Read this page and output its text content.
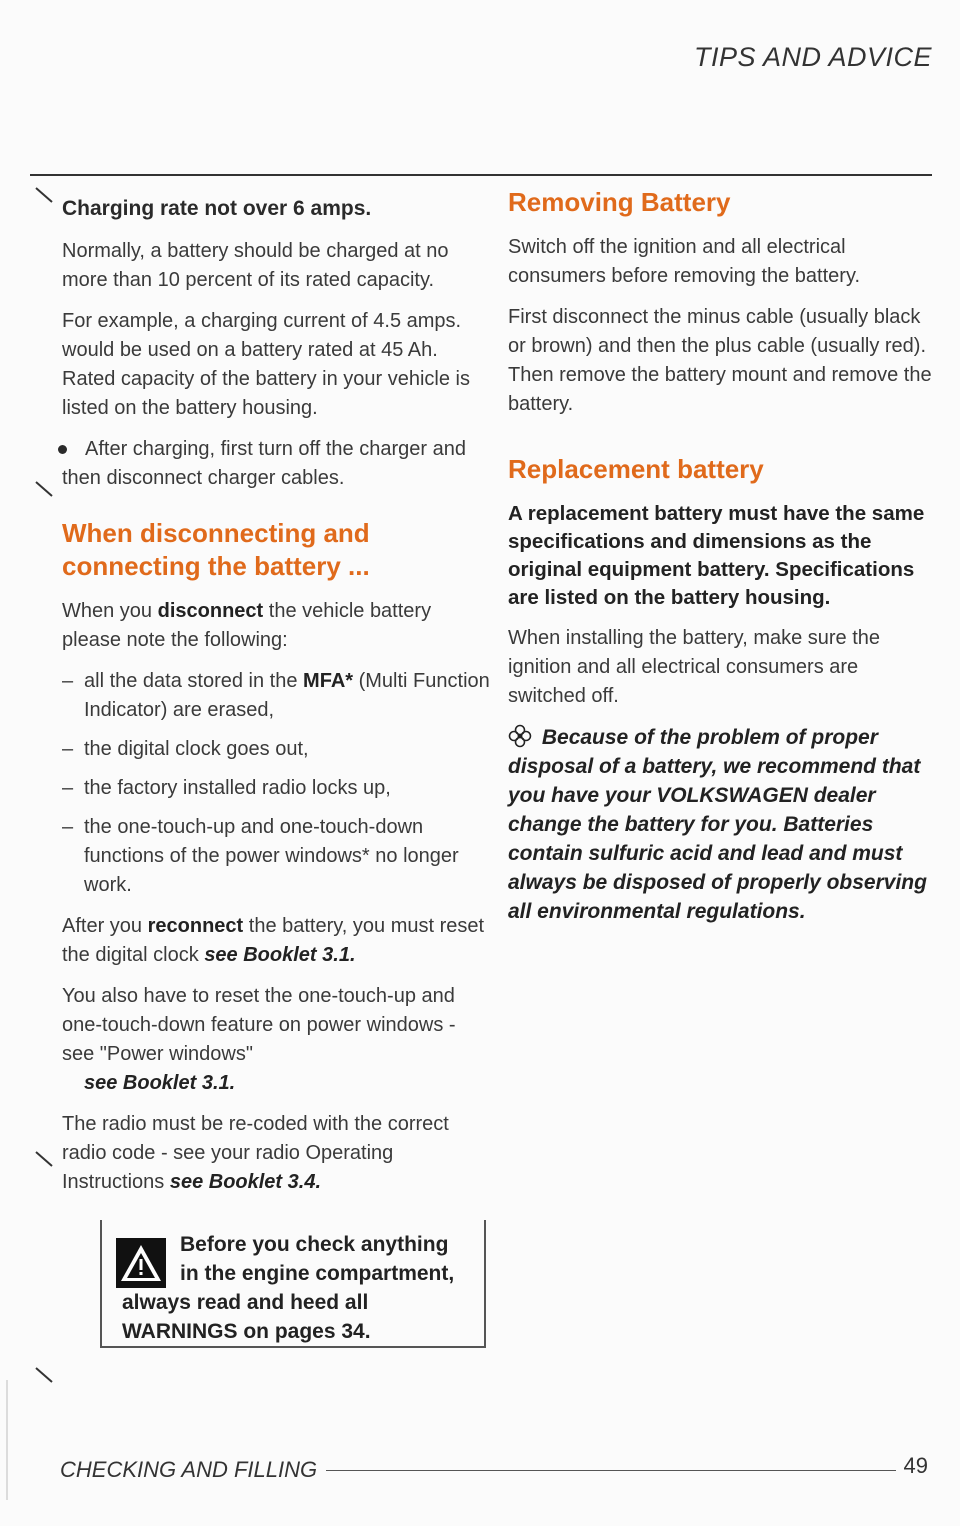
TIPS AND ADVICE
Charging rate not over 6 amps.

Normally, a battery should be charged at no more than 10 percent of its rated capacity.

For example, a charging current of 4.5 amps. would be used on a battery rated at 45 Ah. Rated capacity of the battery in your vehicle is listed on the battery housing.

After charging, first turn off the charger and then disconnect charger cables.

When disconnecting and connecting the battery ...

When you disconnect the vehicle battery please note the following:

– all the data stored in the MFA* (Multi Function Indicator) are erased,
– the digital clock goes out,
– the factory installed radio locks up,
– the one-touch-up and one-touch-down functions of the power windows* no longer work.

After you reconnect the battery, you must reset the digital clock see Booklet 3.1.

You also have to reset the one-touch-up and one-touch-down feature on power windows - see "Power windows"
see Booklet 3.1.

The radio must be re-coded with the correct radio code - see your radio Operating Instructions see Booklet 3.4.

Before you check anything in the engine compartment, always read and heed all WARNINGS on pages 34.
Removing Battery

Switch off the ignition and all electrical consumers before removing the battery.

First disconnect the minus cable (usually black or brown) and then the plus cable (usually red). Then remove the battery mount and remove the battery.

Replacement battery

A replacement battery must have the same specifications and dimensions as the original equipment battery. Specifications are listed on the battery housing.

When installing the battery, make sure the ignition and all electrical consumers are switched off.

Because of the problem of proper disposal of a battery, we recommend that you have your VOLKSWAGEN dealer change the battery for you. Batteries contain sulfuric acid and lead and must always be disposed of properly observing all environmental regulations.

CHECKING AND FILLING	49
